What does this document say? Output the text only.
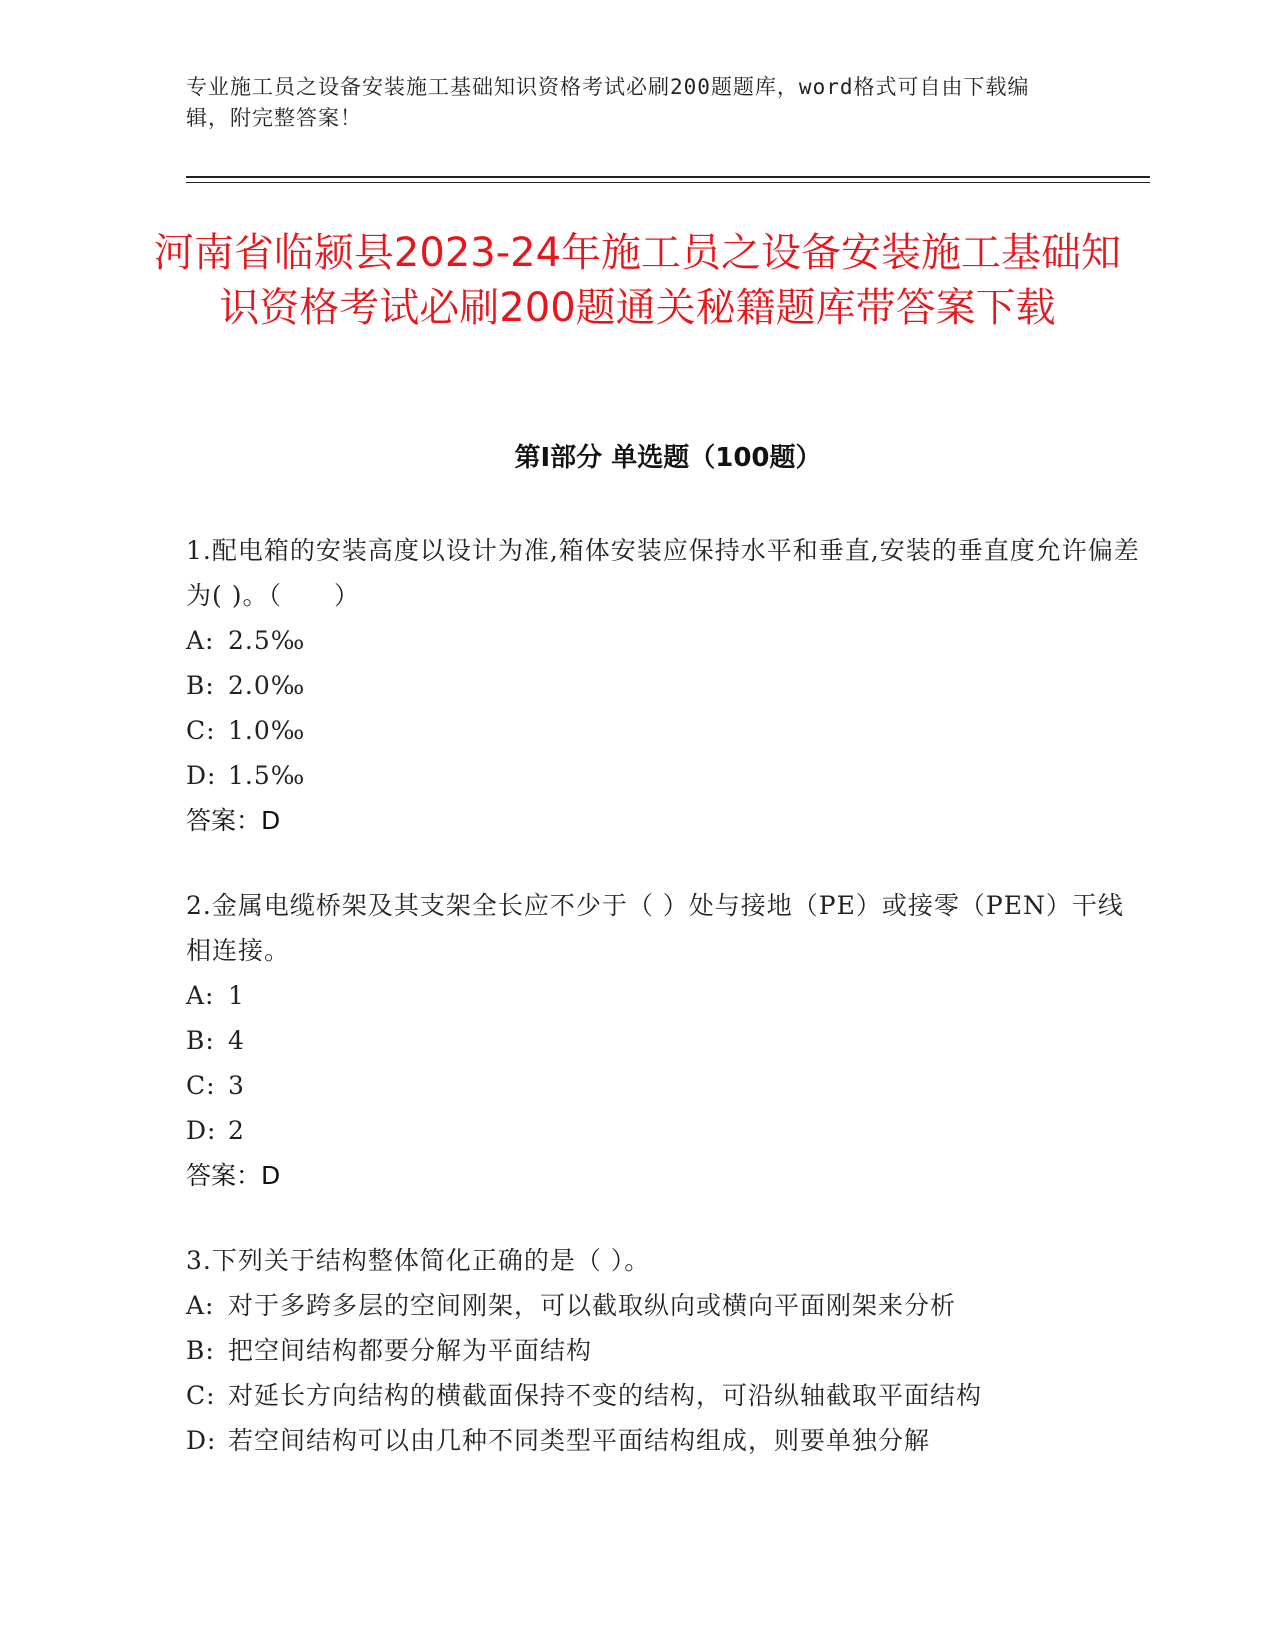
专业施工员之设备安装施工基础知识资格考试必刷200题题库，word格式可自由下载编辑，附完整答案！
河南省临颍县2023-24年施工员之设备安装施工基础知识资格考试必刷200题通关秘籍题库带答案下载
第I部分 单选题（100题）

1.配电箱的安装高度以设计为准,箱体安装应保持水平和垂直,安装的垂直度允许偏差为( )。（　　）

A: 2.5‰

B: 2.0‰

C: 1.0‰

D: 1.5‰

答案：D

2.金属电缆桥架及其支架全长应不少于（ ）处与接地（PE）或接零（PEN）干线相连接。

A: 1

B: 4

C: 3

D: 2

答案：D

3.下列关于结构整体简化正确的是（ ）。

A: 对于多跨多层的空间刚架，可以截取纵向或横向平面刚架来分析

B: 把空间结构都要分解为平面结构

C: 对延长方向结构的横截面保持不变的结构，可沿纵轴截取平面结构

D: 若空间结构可以由几种不同类型平面结构组成，则要单独分解
